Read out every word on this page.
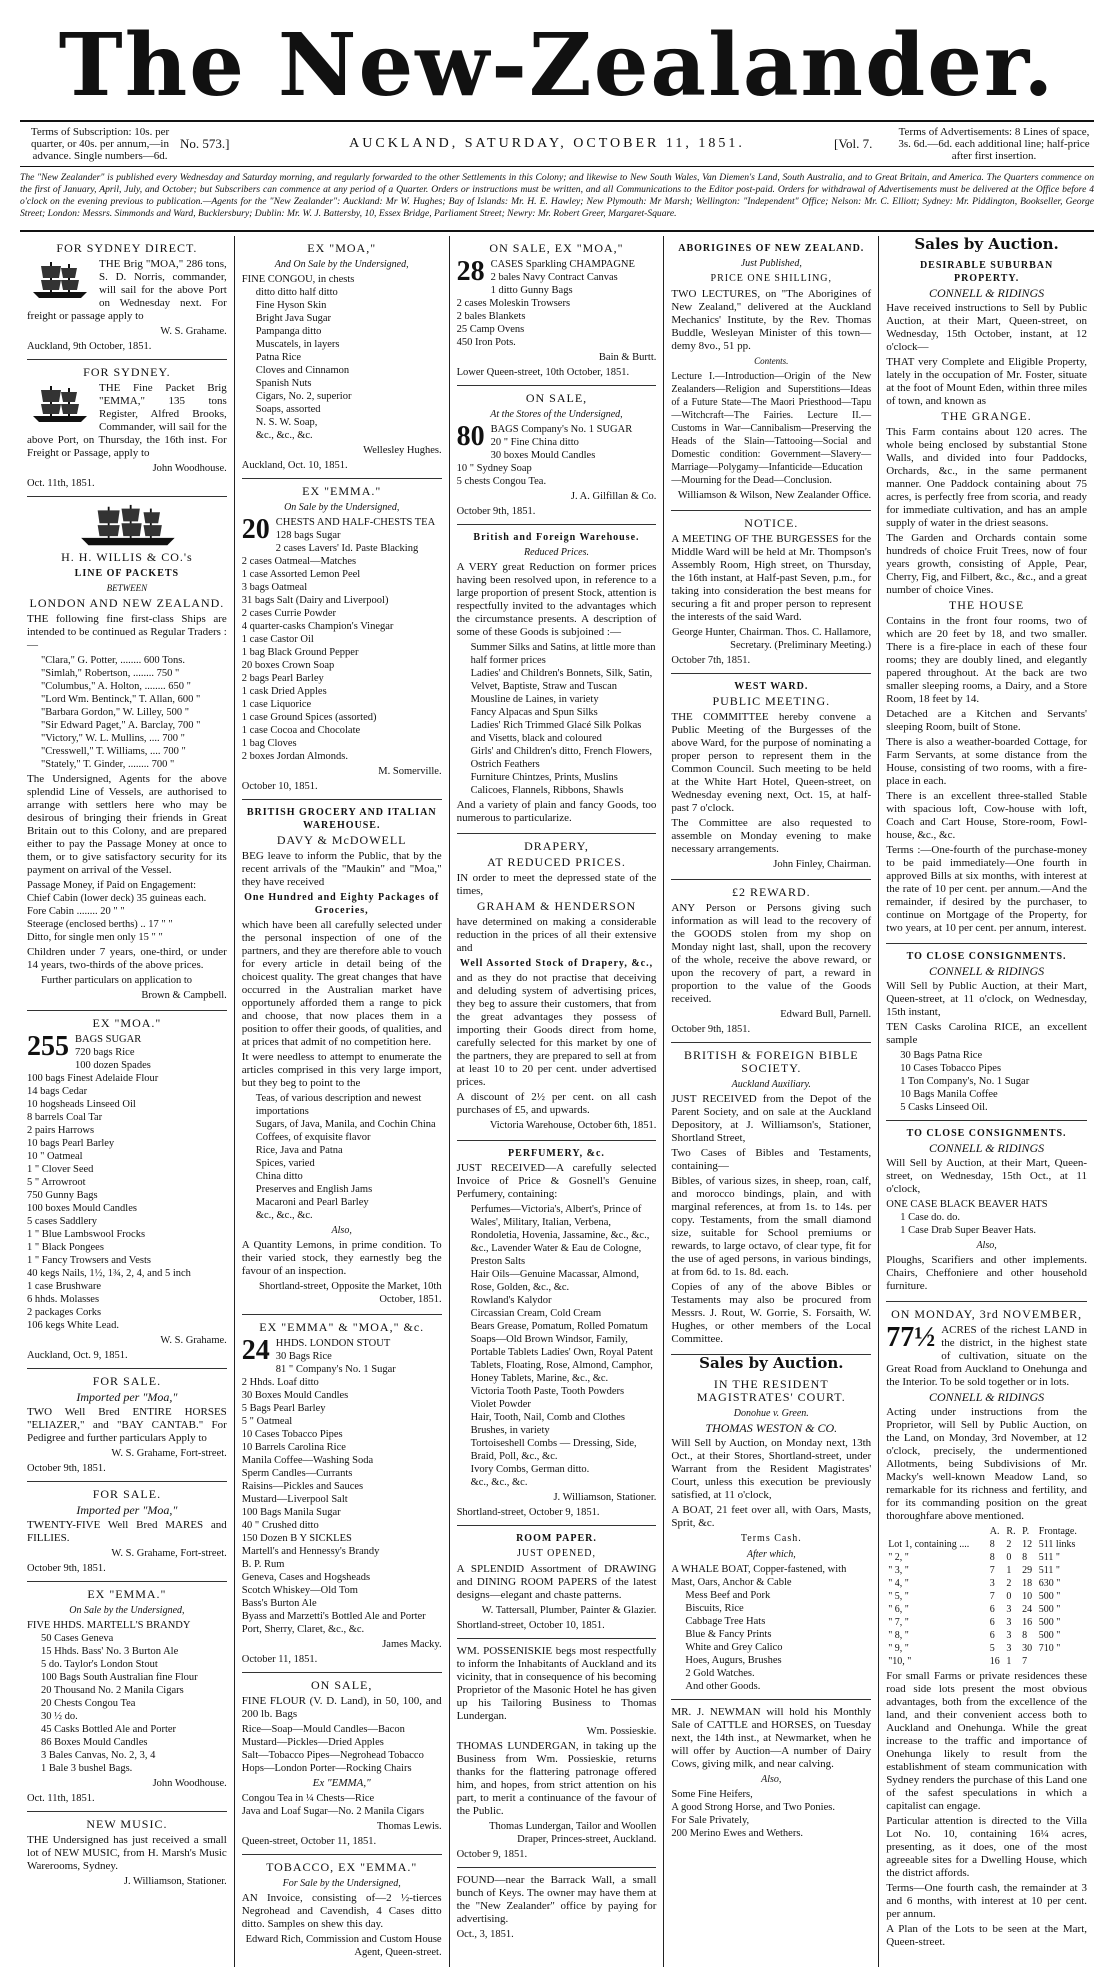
The New-Zealander.
Terms of Subscription: 10s. per quarter, or 40s. per annum,—in advance. Single numbers—6d.
No. 573.]	AUCKLAND, SATURDAY, OCTOBER 11, 1851.	[Vol. 7.
Terms of Advertisements: 8 Lines of space, 3s. 6d.—6d. each additional line; half-price after first insertion.
The "New Zealander" is published every Wednesday and Saturday morning, and regularly forwarded to the other Settlements in this Colony; and likewise to New South Wales, Van Diemen's Land, South Australia, and to Great Britain, and America. The Quarters commence on the first of January, April, July, and October; but Subscribers can commence at any period of a Quarter. Orders or instructions must be written, and all Communications to the Editor post-paid. Orders for withdrawal of Advertisements must be delivered at the Office before 4 o'clock on the evening previous to publication.—Agents for the "New Zealander": Auckland: Mr W. Hughes; Bay of Islands: Mr. H. E. Hawley; New Plymouth: Mr Marsh; Wellington: "Independent" Office; Nelson: Mr. C. Elliott; Sydney: Mr. Piddington, Bookseller, George Street; London: Messrs. Simmonds and Ward, Bucklersbury; Dublin: Mr. W. J. Battersby, 10, Essex Bridge, Parliament Street; Newry: Mr. Robert Greer, Margaret-Square.
FOR SYDNEY DIRECT.
THE Brig "MOA," 286 tons, S. D. Norris, commander, will sail for the above Port on Wednesday next. For freight or passage apply to
W. S. Grahame.
Auckland, 9th October, 1851.
FOR SYDNEY.
THE Fine Packet Brig "EMMA," 135 tons Register, Alfred Brooks, Commander, will sail for the above Port, on Thursday, the 16th inst. For Freight or Passage, apply to
John Woodhouse.
Oct. 11th, 1851.
H. H. WILLIS & CO.'s
LINE OF PACKETS
BETWEEN
LONDON AND NEW ZEALAND.
THE following fine first-class Ships are intended to be continued as Regular Traders :—
"Clara," G. Potter, ........ 600 Tons.
"Simlah," Robertson, ........ 750 "
"Columbus," A. Holton, ........ 650 "
"Lord Wm. Bentinck," T. Allan, 600 "
"Barbara Gordon," W. Lilley, 500 "
"Sir Edward Paget," A. Barclay, 700 "
"Victory," W. L. Mullins, .... 700 "
"Cresswell," T. Williams, .... 700 "
"Stately," T. Ginder, ........ 700 "
The Undersigned, Agents for the above splendid Line of Vessels, are authorised to arrange with settlers here who may be desirous of bringing their friends in Great Britain out to this Colony, and are prepared either to pay the Passage Money at once to them, or to give satisfactory security for its payment on arrival of the Vessel.
Passage Money, if Paid on Engagement:
Chief Cabin (lower deck) 35 guineas each.
Fore Cabin ........ 20 " "
Steerage (enclosed berths) .. 17 " "
Ditto, for single men only 15 " "
Children under 7 years, one-third, or under 14 years, two-thirds of the above prices.
Further particulars on application to
Brown & Campbell.
EX "MOA."
255 BAGS SUGAR
720 bags Rice
100 dozen Spades
100 bags Finest Adelaide Flour
14 bags Cedar
10 hogsheads Linseed Oil
8 barrels Coal Tar
2 pairs Harrows
10 bags Pearl Barley
10 " Oatmeal
1 " Clover Seed
5 " Arrowroot
750 Gunny Bags
100 boxes Mould Candles
5 cases Saddlery
1 " Blue Lambswool Frocks
1 " Black Pongees
1 " Fancy Trowsers and Vests
40 kegs Nails, 1½, 1¾, 2, 4, and 5 inch
1 case Brushware
6 hhds. Molasses
2 packages Corks
106 kegs White Lead.
W. S. Grahame.
Auckland, Oct. 9, 1851.
FOR SALE.
Imported per "Moa,"
TWO Well Bred ENTIRE HORSES "ELIAZER," and "BAY CANTAB." For Pedigree and further particulars Apply to
W. S. Grahame, Fort-street.
October 9th, 1851.
FOR SALE.
Imported per "Moa,"
TWENTY-FIVE Well Bred MARES and FILLIES.
W. S. Grahame, Fort-street.
October 9th, 1851.
EX "EMMA."
On Sale by the Undersigned,
FIVE HHDS. MARTELL'S BRANDY
50 Cases Geneva
15 Hhds. Bass' No. 3 Burton Ale
5 do. Taylor's London Stout
100 Bags South Australian fine Flour
20 Thousand No. 2 Manila Cigars
20 Chests Congou Tea
30 ½ do.
45 Casks Bottled Ale and Porter
86 Boxes Mould Candles
3 Bales Canvas, No. 2, 3, 4
1 Bale 3 bushel Bags.
John Woodhouse.
Oct. 11th, 1851.
NEW MUSIC.
THE Undersigned has just received a small lot of NEW MUSIC, from H. Marsh's Music Warerooms, Sydney.
J. Williamson, Stationer.
EX "MOA,"
And On Sale by the Undersigned,
FINE CONGOU, in chests
ditto ditto half ditto
Fine Hyson Skin
Bright Java Sugar
Pampanga ditto
Muscatels, in layers
Patna Rice
Cloves and Cinnamon
Spanish Nuts
Cigars, No. 2, superior
Soaps, assorted
N. S. W. Soap,
&c., &c., &c.
Wellesley Hughes.
Auckland, Oct. 10, 1851.
EX "EMMA."
On Sale by the Undersigned,
20 CHESTS AND HALF-CHESTS TEA
128 bags Sugar
2 cases Lavers' Id. Paste Blacking
2 cases Oatmeal—Matches
1 case Assorted Lemon Peel
3 bags Oatmeal
31 bags Salt (Dairy and Liverpool)
2 cases Currie Powder
4 quarter-casks Champion's Vinegar
1 case Castor Oil
1 bag Black Ground Pepper
20 boxes Crown Soap
2 bags Pearl Barley
1 cask Dried Apples
1 case Liquorice
1 case Ground Spices (assorted)
1 case Cocoa and Chocolate
1 bag Cloves
2 boxes Jordan Almonds.
M. Somerville.
October 10, 1851.
BRITISH GROCERY AND ITALIAN WAREHOUSE.
DAVY & McDOWELL
BEG leave to inform the Public, that by the recent arrivals of the "Maukin" and "Moa," they have received
One Hundred and Eighty Packages of Groceries,
which have been all carefully selected under the personal inspection of one of the partners, and they are therefore able to vouch for every article in detail being of the choicest quality. The great changes that have occurred in the Australian market have opportunely afforded them a range to pick and choose, that now places them in a position to offer their goods, of qualities, and at prices that admit of no competition here.
It were needless to attempt to enumerate the articles comprised in this very large import, but they beg to point to the
Teas, of various description and newest importations
Sugars, of Java, Manila, and Cochin China
Coffees, of exquisite flavor
Rice, Java and Patna
Spices, varied
China ditto
Preserves and English Jams
Macaroni and Pearl Barley
&c., &c., &c.
Also,
A Quantity Lemons, in prime condition. To their varied stock, they earnestly beg the favour of an inspection.
Shortland-street, Opposite the Market, 10th October, 1851.
EX "EMMA" & "MOA," &c.
24 HHDS. LONDON STOUT
30 Bags Rice
81 " Company's No. 1 Sugar
2 Hhds. Loaf ditto
30 Boxes Mould Candles
5 Bags Pearl Barley
5 " Oatmeal
10 Cases Tobacco Pipes
10 Barrels Carolina Rice
Manila Coffee—Washing Soda
Sperm Candles—Currants
Raisins—Pickles and Sauces
Mustard—Liverpool Salt
100 Bags Manila Sugar
40 " Crushed ditto
150 Dozen B Y SICKLES
Martell's and Hennessy's Brandy
B. P. Rum
Geneva, Cases and Hogsheads
Scotch Whiskey—Old Tom
Bass's Burton Ale
Byass and Marzetti's Bottled Ale and Porter
Port, Sherry, Claret, &c., &c.
James Macky.
October 11, 1851.
ON SALE,
FINE FLOUR (V. D. Land), in 50, 100, and 200 lb. Bags
Rice—Soap—Mould Candles—Bacon
Mustard—Pickles—Dried Apples
Salt—Tobacco Pipes—Negrohead Tobacco
Hops—London Porter—Rocking Chairs
Ex "EMMA,"
Congou Tea in ¼ Chests—Rice
Java and Loaf Sugar—No. 2 Manila Cigars
Thomas Lewis.
Queen-street, October 11, 1851.
TOBACCO, EX "EMMA."
For Sale by the Undersigned,
AN Invoice, consisting of—2 ½-tierces Negrohead and Cavendish, 4 Cases ditto ditto. Samples on shew this day.
Edward Rich, Commission and Custom House Agent, Queen-street.
ON SALE, EX "MOA,"
28 CASES Sparkling CHAMPAGNE
2 bales Navy Contract Canvas
1 ditto Gunny Bags
2 cases Moleskin Trowsers
2 bales Blankets
25 Camp Ovens
450 Iron Pots.
Bain & Burtt.
Lower Queen-street, 10th October, 1851.
ON SALE,
At the Stores of the Undersigned,
80 BAGS Company's No. 1 SUGAR
20 " Fine China ditto
30 boxes Mould Candles
10 " Sydney Soap
5 chests Congou Tea.
J. A. Gilfillan & Co.
October 9th, 1851.
British and Foreign Warehouse.
Reduced Prices.
A VERY great Reduction on former prices having been resolved upon, in reference to a large proportion of present Stock, attention is respectfully invited to the advantages which the circumstance presents. A description of some of these Goods is subjoined :—
Summer Silks and Satins, at little more than half former prices
Ladies' and Children's Bonnets, Silk, Satin, Velvet, Baptiste, Straw and Tuscan
Mousline de Laines, in variety
Fancy Alpacas and Spun Silks
Ladies' Rich Trimmed Glacé Silk Polkas and Visetts, black and coloured
Girls' and Children's ditto, French Flowers, Ostrich Feathers
Furniture Chintzes, Prints, Muslins
Calicoes, Flannels, Ribbons, Shawls
And a variety of plain and fancy Goods, too numerous to particularize.
DRAPERY,
AT REDUCED PRICES.
IN order to meet the depressed state of the times,
GRAHAM & HENDERSON
have determined on making a considerable reduction in the prices of all their extensive and
Well Assorted Stock of Drapery, &c.,
and as they do not practise that deceiving and deluding system of advertising prices, they beg to assure their customers, that from the great advantages they possess of importing their Goods direct from home, carefully selected for this market by one of the partners, they are prepared to sell at from at least 10 to 20 per cent. under advertised prices.
A discount of 2½ per cent. on all cash purchases of £5, and upwards.
Victoria Warehouse, October 6th, 1851.
PERFUMERY, &c.
JUST RECEIVED—A carefully selected Invoice of Price & Gosnell's Genuine Perfumery, containing:
Perfumes—Victoria's, Albert's, Prince of Wales', Military, Italian, Verbena, Rondoletia, Hovenia, Jassamine, &c., &c., &c., Lavender Water & Eau de Cologne, Preston Salts
Hair Oils—Genuine Macassar, Almond, Rose, Golden, &c., &c.
Rowland's Kalydor
Circassian Cream, Cold Cream
Bears Grease, Pomatum, Rolled Pomatum
Soaps—Old Brown Windsor, Family, Portable Tablets Ladies' Own, Royal Patent Tablets, Floating, Rose, Almond, Camphor, Honey Tablets, Marine, &c., &c.
Victoria Tooth Paste, Tooth Powders
Violet Powder
Hair, Tooth, Nail, Comb and Clothes Brushes, in variety
Tortoiseshell Combs — Dressing, Side, Braid, Poll, &c., &c.
Ivory Combs, German ditto.
&c., &c., &c.
J. Williamson, Stationer.
Shortland-street, October 9, 1851.
ROOM PAPER.
JUST OPENED,
A SPLENDID Assortment of DRAWING and DINING ROOM PAPERS of the latest designs—elegant and chaste patterns.
W. Tattersall, Plumber, Painter & Glazier.
Shortland-street, October 10, 1851.
WM. POSSENISKIE begs most respectfully to inform the Inhabitants of Auckland and its vicinity, that in consequence of his becoming Proprietor of the Masonic Hotel he has given up his Tailoring Business to Thomas Lundergan.
Wm. Possieskie.
THOMAS LUNDERGAN, in taking up the Business from Wm. Possieskie, returns thanks for the flattering patronage offered him, and hopes, from strict attention on his part, to merit a continuance of the favour of the Public.
Thomas Lundergan, Tailor and Woollen Draper, Princes-street, Auckland.
October 9, 1851.
FOUND—near the Barrack Wall, a small bunch of Keys. The owner may have them at the "New Zealander" office by paying for advertising.
Oct., 3, 1851.
ABORIGINES OF NEW ZEALAND.
Just Published,
PRICE ONE SHILLING,
TWO LECTURES, on "The Aborigines of New Zealand," delivered at the Auckland Mechanics' Institute, by the Rev. Thomas Buddle, Wesleyan Minister of this town—demy 8vo., 51 pp.
Contents.
Lecture I.—Introduction—Origin of the New Zealanders—Religion and Superstitions—Ideas of a Future State—The Maori Priesthood—Tapu—Witchcraft—The Fairies. Lecture II.—Customs in War—Cannibalism—Preserving the Heads of the Slain—Tattooing—Social and Domestic condition: Government—Slavery—Marriage—Polygamy—Infanticide—Education—Mourning for the Dead—Conclusion.
Williamson & Wilson, New Zealander Office.
NOTICE.
A MEETING OF THE BURGESSES for the Middle Ward will be held at Mr. Thompson's Assembly Room, High street, on Thursday, the 16th instant, at Half-past Seven, p.m., for taking into consideration the best means for securing a fit and proper person to represent the interests of the said Ward.
George Hunter, Chairman. Thos. C. Hallamore, Secretary. (Preliminary Meeting.)
October 7th, 1851.
WEST WARD.
PUBLIC MEETING.
THE COMMITTEE hereby convene a Public Meeting of the Burgesses of the above Ward, for the purpose of nominating a proper person to represent them in the Common Council. Such meeting to be held at the White Hart Hotel, Queen-street, on Wednesday evening next, Oct. 15, at half-past 7 o'clock.
The Committee are also requested to assemble on Monday evening to make necessary arrangements.
John Finley, Chairman.
£2 REWARD.
ANY Person or Persons giving such information as will lead to the recovery of the GOODS stolen from my shop on Monday night last, shall, upon the recovery of the whole, receive the above reward, or upon the recovery of part, a reward in proportion to the value of the Goods received.
Edward Bull, Parnell.
October 9th, 1851.
BRITISH & FOREIGN BIBLE SOCIETY.
Auckland Auxiliary.
JUST RECEIVED from the Depot of the Parent Society, and on sale at the Auckland Depository, at J. Williamson's, Stationer, Shortland Street,
Two Cases of Bibles and Testaments, containing—
Bibles, of various sizes, in sheep, roan, calf, and morocco bindings, plain, and with marginal references, at from 1s. to 14s. per copy. Testaments, from the small diamond size, suitable for School premiums or rewards, to large octavo, of clear type, fit for the use of aged persons, in various bindings, at from 6d. to 1s. 8d. each.
Copies of any of the above Bibles or Testaments may also be procured from Messrs. J. Rout, W. Gorrie, S. Forsaith, W. Hughes, or other members of the Local Committee.
Sales by Auction.
IN THE RESIDENT MAGISTRATES' COURT.
Donohue v. Green.
THOMAS WESTON & CO.
Will Sell by Auction, on Monday next, 13th Oct., at their Stores, Shortland-street, under Warrant from the Resident Magistrates' Court, unless this execution be previously satisfied, at 11 o'clock,
A BOAT, 21 feet over all, with Oars, Masts, Sprit, &c.
Terms Cash.
After which,
A WHALE BOAT, Copper-fastened, with Mast, Oars, Anchor & Cable
Mess Beef and Pork
Biscuits, Rice
Cabbage Tree Hats
Blue & Fancy Prints
White and Grey Calico
Hoes, Augurs, Brushes
2 Gold Watches.
And other Goods.
MR. J. NEWMAN will hold his Monthly Sale of CATTLE and HORSES, on Tuesday next, the 14th inst., at Newmarket, when he will offer by Auction—A number of Dairy Cows, giving milk, and near calving.
Also,
Some Fine Heifers,
A good Strong Horse, and Two Ponies.
For Sale Privately,
200 Merino Ewes and Wethers.
Sales by Auction.
DESIRABLE SUBURBAN PROPERTY.
CONNELL & RIDINGS
Have received instructions to Sell by Public Auction, at their Mart, Queen-street, on Wednesday, 15th October, instant, at 12 o'clock—
THAT very Complete and Eligible Property, lately in the occupation of Mr. Foster, situate at the foot of Mount Eden, within three miles of town, and known as
THE GRANGE.
This Farm contains about 120 acres. The whole being enclosed by substantial Stone Walls, and divided into four Paddocks, Orchards, &c., in the same permanent manner. One Paddock containing about 75 acres, is perfectly free from scoria, and ready for immediate cultivation, and has an ample supply of water in the driest seasons.
The Garden and Orchards contain some hundreds of choice Fruit Trees, now of four years growth, consisting of Apple, Pear, Cherry, Fig, and Filbert, &c., &c., and a great number of choice Vines.
THE HOUSE
Contains in the front four rooms, two of which are 20 feet by 18, and two smaller. There is a fire-place in each of these four rooms; they are doubly lined, and elegantly papered throughout. At the back are two smaller sleeping rooms, a Dairy, and a Store Room, 18 feet by 14.
Detached are a Kitchen and Servants' sleeping Room, built of Stone.
There is also a weather-boarded Cottage, for Farm Servants, at some distance from the House, consisting of two rooms, with a fire-place in each.
There is an excellent three-stalled Stable with spacious loft, Cow-house with loft, Coach and Cart House, Store-room, Fowl-house, &c., &c.
Terms :—One-fourth of the purchase-money to be paid immediately—One fourth in approved Bills at six months, with interest at the rate of 10 per cent. per annum.—And the remainder, if desired by the purchaser, to continue on Mortgage of the Property, for two years, at 10 per cent. per annum, interest.
TO CLOSE CONSIGNMENTS.
CONNELL & RIDINGS
Will Sell by Public Auction, at their Mart, Queen-street, at 11 o'clock, on Wednesday, 15th instant,
TEN Casks Carolina RICE, an excellent sample
30 Bags Patna Rice
10 Cases Tobacco Pipes
1 Ton Company's, No. 1 Sugar
10 Bags Manila Coffee
5 Casks Linseed Oil.
TO CLOSE CONSIGNMENTS.
CONNELL & RIDINGS
Will Sell by Auction, at their Mart, Queen-street, on Wednesday, 15th Oct., at 11 o'clock,
ONE CASE BLACK BEAVER HATS
1 Case do. do.
1 Case Drab Super Beaver Hats.
Also,
Ploughs, Scarifiers and other implements. Chairs, Cheffoniere and other household furniture.
ON MONDAY, 3rd NOVEMBER,
77½ ACRES of the richest LAND in the district, in the highest state of cultivation, situate on the Great Road from Auckland to Onehunga and the Interior. To be sold together or in lots.
CONNELL & RIDINGS
Acting under instructions from the Proprietor, will Sell by Public Auction, on the Land, on Monday, 3rd November, at 12 o'clock, precisely, the undermentioned Allotments, being Subdivisions of Mr. Macky's well-known Meadow Land, so remarkable for its richness and fertility, and for its commanding position on the great thoroughfare above mentioned.
	A.	R.	P.	Frontage.
Lot 1, containing ....	8	2	12	511 links
" 2, "	8	0	8	511 "
" 3, "	7	1	29	511 "
" 4, "	3	2	18	630 "
" 5, "	7	0	10	500 "
" 6, "	6	3	24	500 "
" 7, "	6	3	16	500 "
" 8, "	6	3	8	500 "
" 9, "	5	3	30	710 "
"10, "	16	1	7	
For small Farms or private residences these road side lots present the most obvious advantages, both from the excellence of the land, and their convenient access both to Auckland and Onehunga. While the great increase to the traffic and importance of Onehunga likely to result from the establishment of steam communication with Sydney renders the purchase of this Land one of the safest speculations in which a capitalist can engage.
Particular attention is directed to the Villa Lot No. 10, containing 16¼ acres, presenting, as it does, one of the most agreeable sites for a Dwelling House, which the district affords.
Terms—One fourth cash, the remainder at 3 and 6 months, with interest at 10 per cent. per annum.
A Plan of the Lots to be seen at the Mart, Queen-street.
